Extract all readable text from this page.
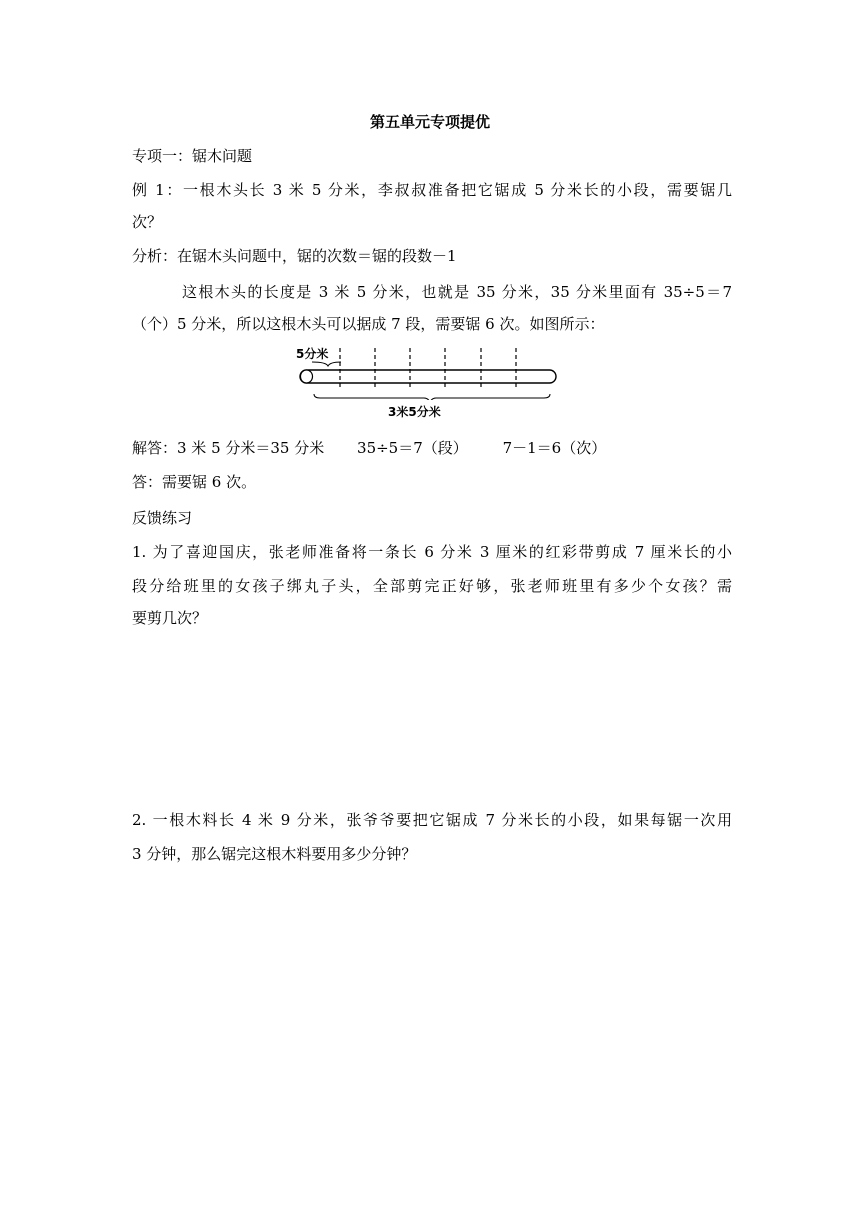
第五单元专项提优
专项一：锯木问题
例 1：一根木头长 3 米 5 分米，李叔叔准备把它锯成 5 分米长的小段，需要锯几
次？
分析：在锯木头问题中，锯的次数＝锯的段数－1
这根木头的长度是 3 米 5 分米，也就是 35 分米，35 分米里面有 35÷5＝7
（个）5 分米，所以这根木头可以据成 7 段，需要锯 6 次。如图所示：
5分米
3米5分米
解答：3 米 5 分米＝35 分米 35÷5＝7（段） 7－1＝6（次）
答：需要锯 6 次。
反馈练习
1. 为了喜迎国庆，张老师准备将一条长 6 分米 3 厘米的红彩带剪成 7 厘米长的小
段分给班里的女孩子绑丸子头，全部剪完正好够，张老师班里有多少个女孩？需
要剪几次？
2. 一根木料长 4 米 9 分米，张爷爷要把它锯成 7 分米长的小段，如果每锯一次用
3 分钟，那么锯完这根木料要用多少分钟？
